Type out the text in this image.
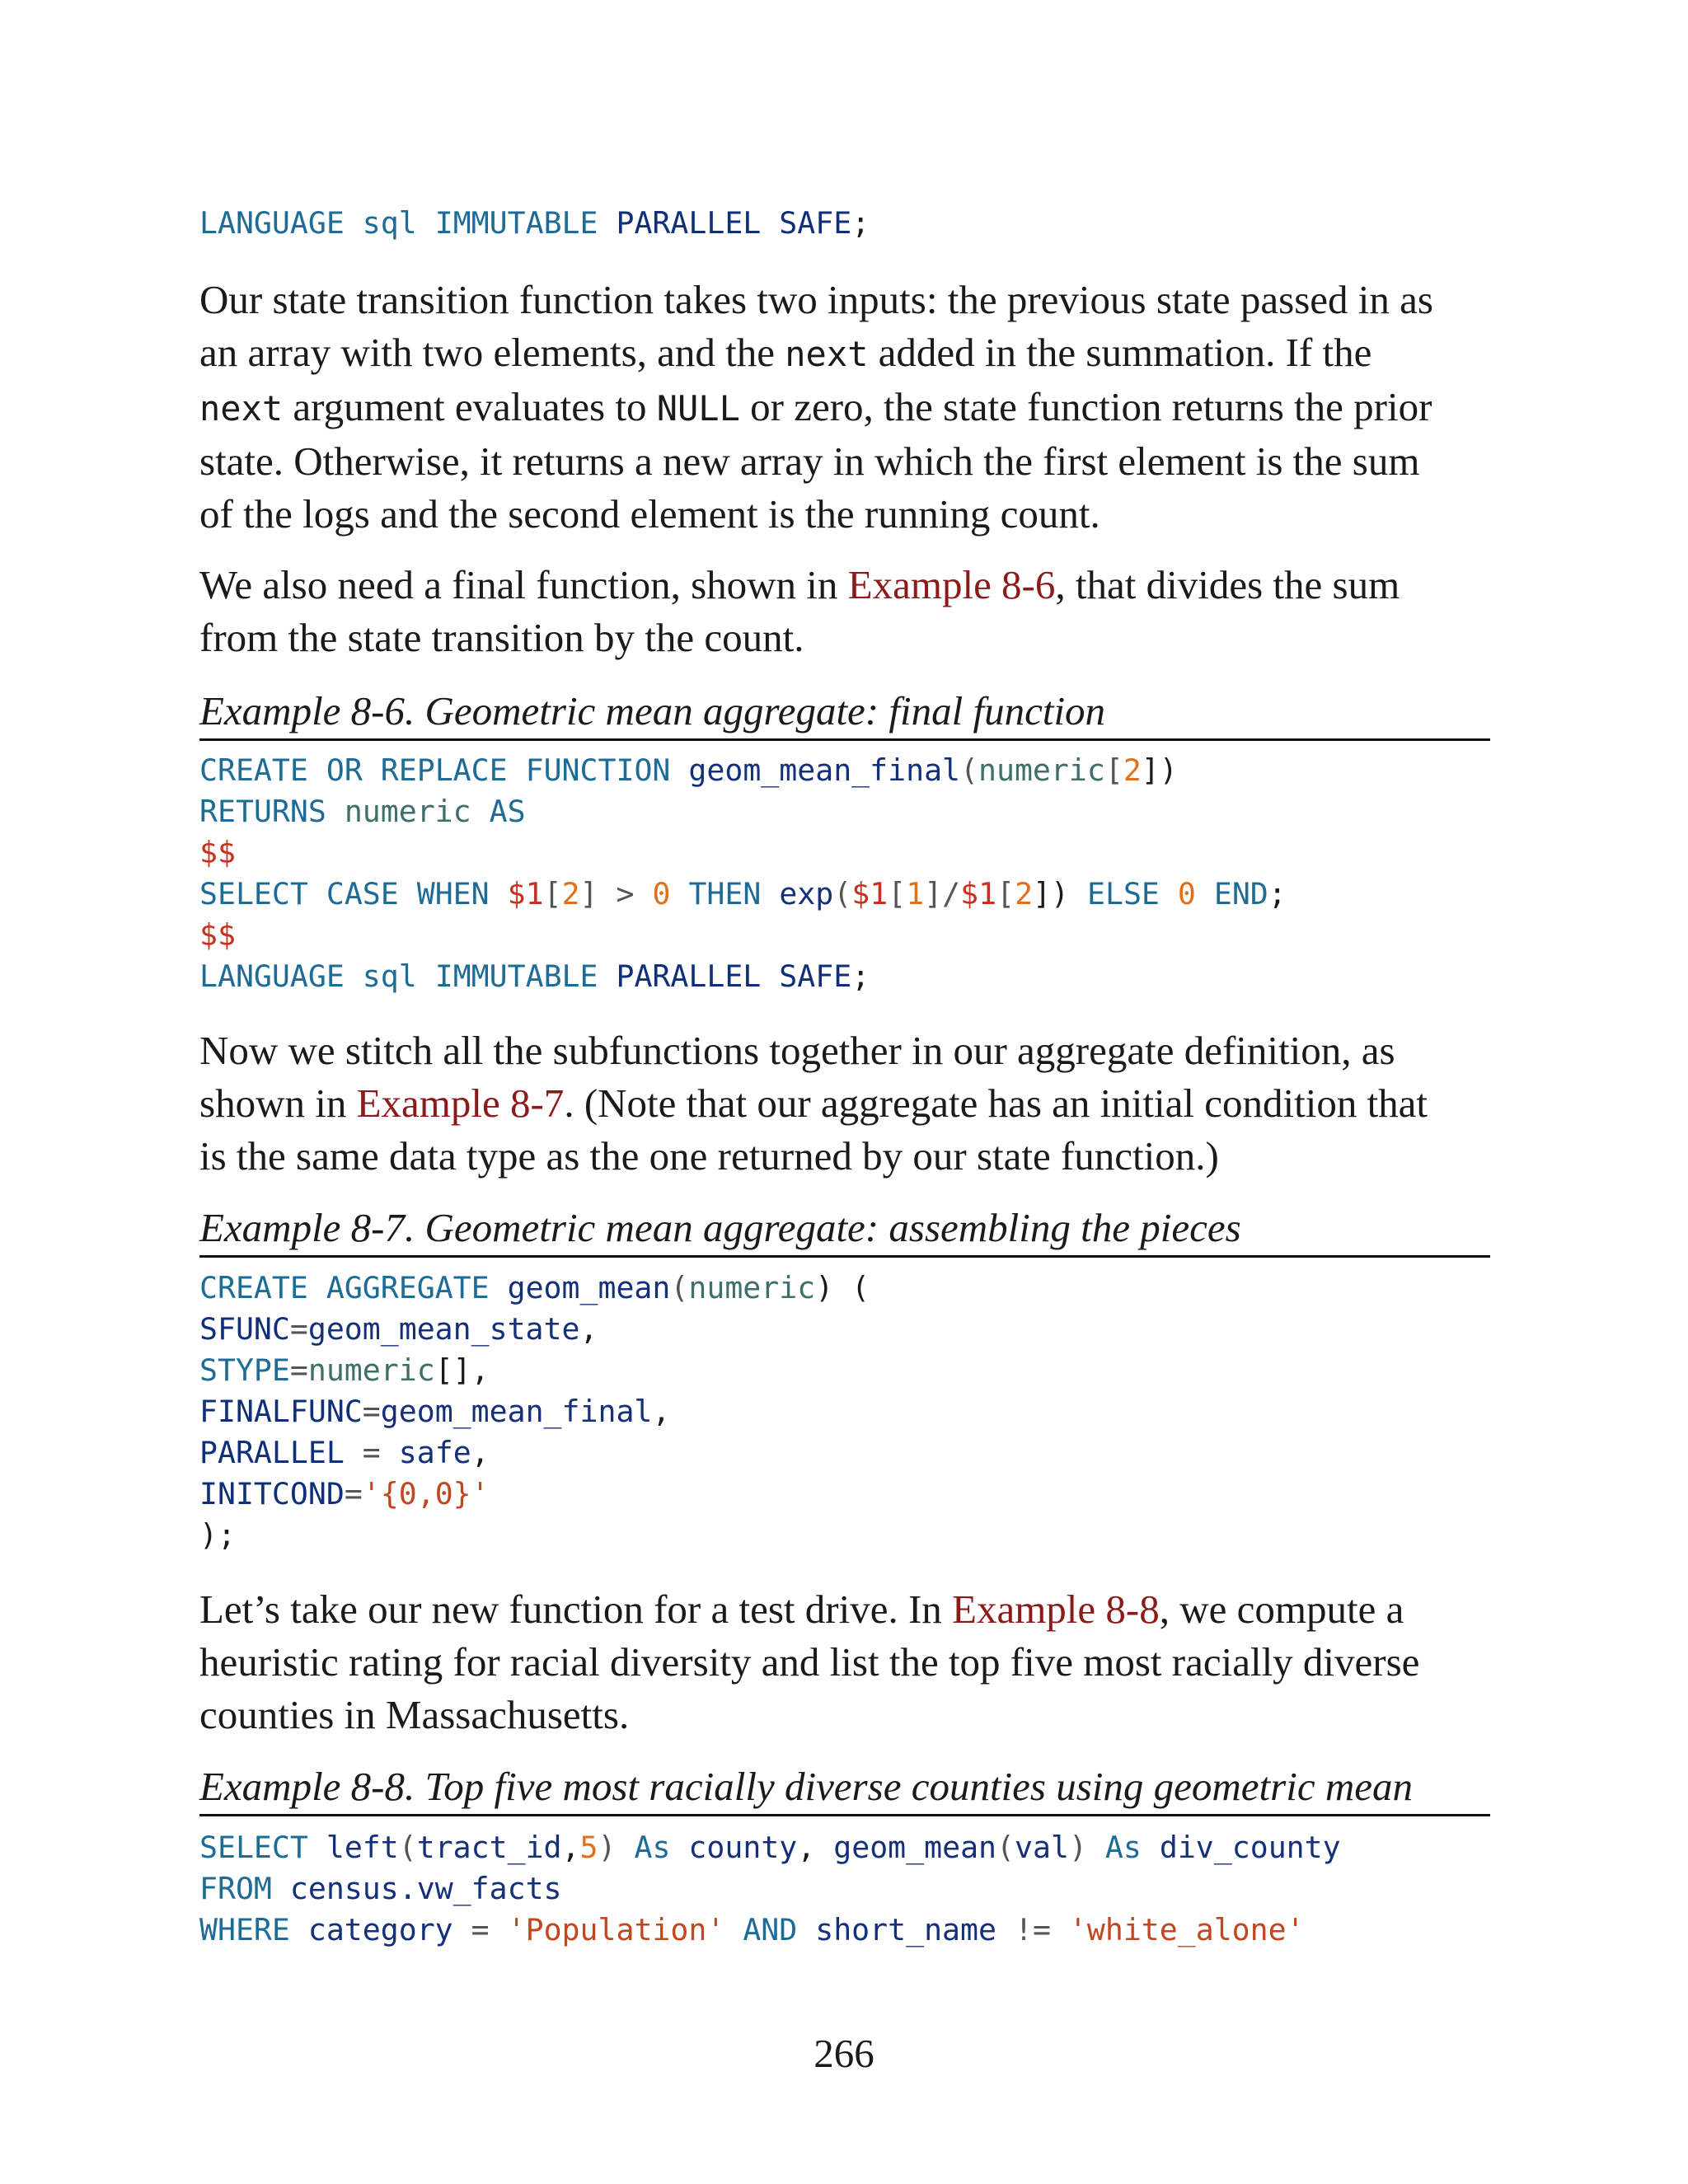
LANGUAGE sql IMMUTABLE PARALLEL SAFE;
Our state transition function takes two inputs: the previous state passed in as
an array with two elements, and the next added in the summation. If the
next argument evaluates to NULL or zero, the state function returns the prior
state. Otherwise, it returns a new array in which the first element is the sum
of the logs and the second element is the running count.
We also need a final function, shown in Example 8-6, that divides the sum
from the state transition by the count.
Example 8-6. Geometric mean aggregate: final function
CREATE OR REPLACE FUNCTION geom_mean_final(numeric[2])
RETURNS numeric AS
$$
SELECT CASE WHEN $1[2] > 0 THEN exp($1[1]/$1[2]) ELSE 0 END;
$$
LANGUAGE sql IMMUTABLE PARALLEL SAFE;
Now we stitch all the subfunctions together in our aggregate definition, as
shown in Example 8-7. (Note that our aggregate has an initial condition that
is the same data type as the one returned by our state function.)
Example 8-7. Geometric mean aggregate: assembling the pieces
CREATE AGGREGATE geom_mean(numeric) (
SFUNC=geom_mean_state,
STYPE=numeric[],
FINALFUNC=geom_mean_final,
PARALLEL = safe,
INITCOND='{0,0}'
);
Let’s take our new function for a test drive. In Example 8-8, we compute a
heuristic rating for racial diversity and list the top five most racially diverse
counties in Massachusetts.
Example 8-8. Top five most racially diverse counties using geometric mean
SELECT left(tract_id,5) As county, geom_mean(val) As div_county
FROM census.vw_facts
WHERE category = 'Population' AND short_name != 'white_alone'
266
